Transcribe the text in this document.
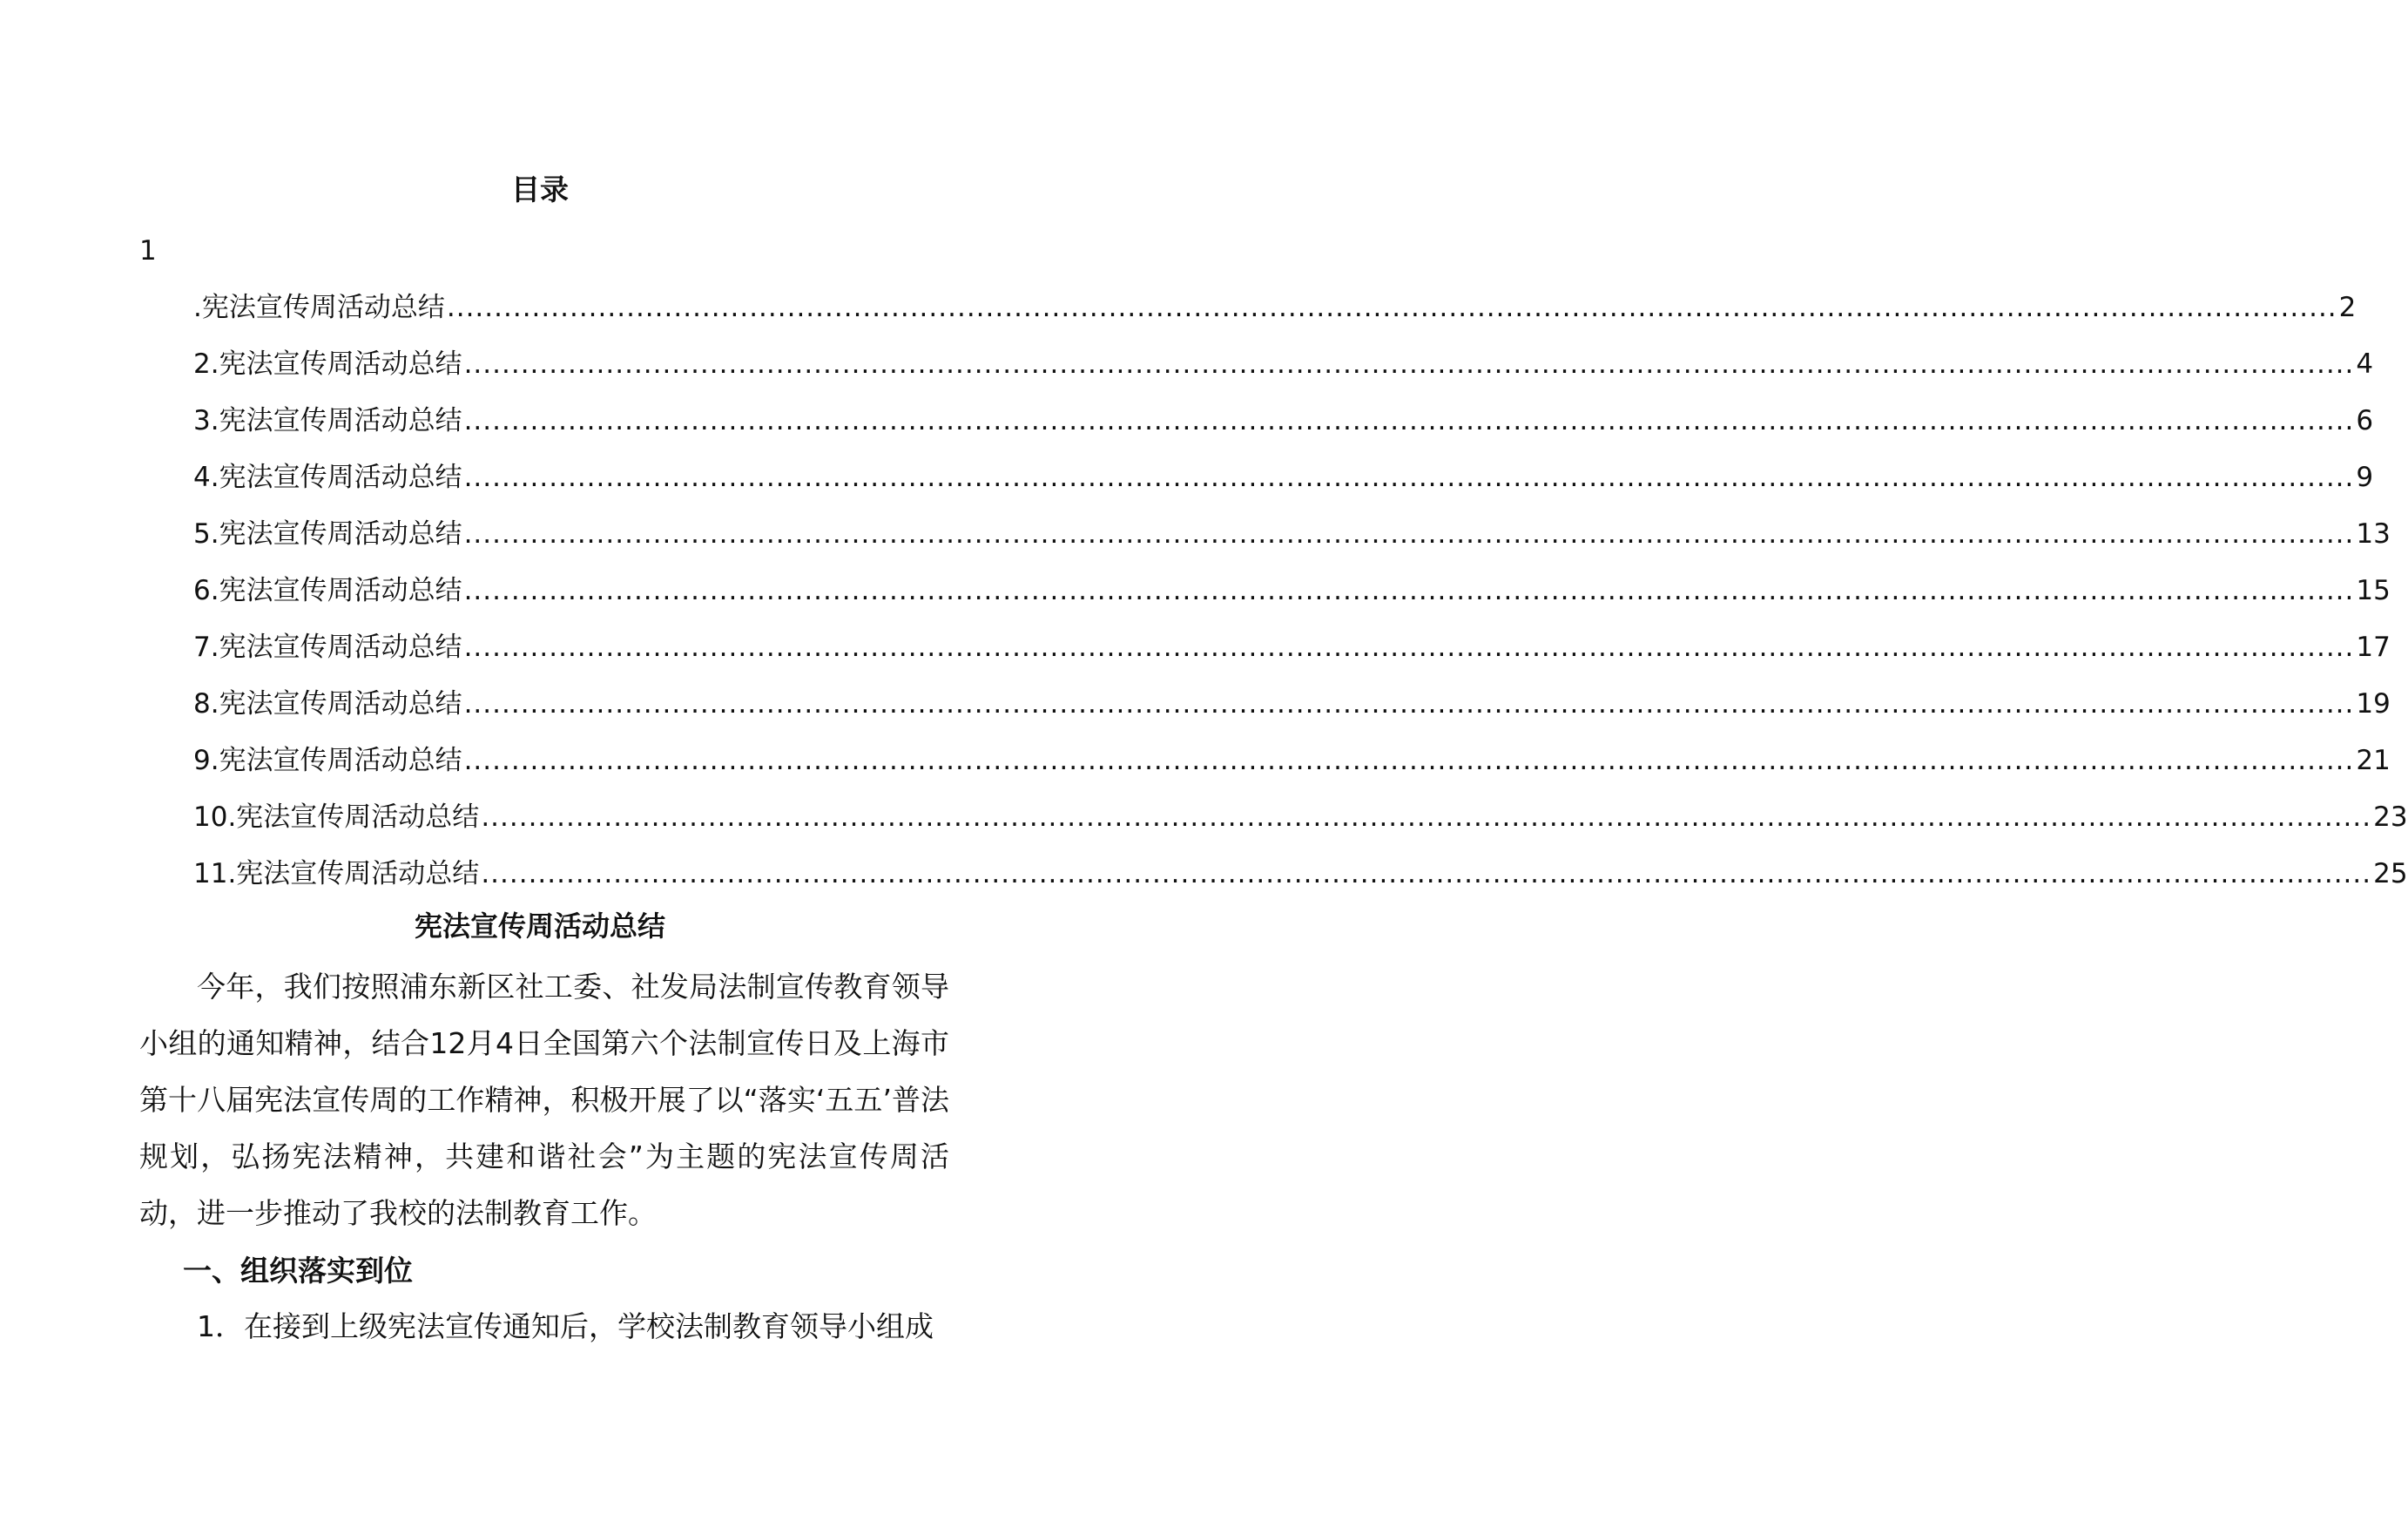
目录
1
.宪法宣传周活动总结 ........................................................................................................................................................................................................ 2
2.宪法宣传周活动总结 ........................................................................................................................................................................................................ 4
3.宪法宣传周活动总结 ........................................................................................................................................................................................................ 6
4.宪法宣传周活动总结 ........................................................................................................................................................................................................ 9
5.宪法宣传周活动总结 ........................................................................................................................................................................................................ 13
6.宪法宣传周活动总结 ........................................................................................................................................................................................................ 15
7.宪法宣传周活动总结 ........................................................................................................................................................................................................ 17
8.宪法宣传周活动总结 ........................................................................................................................................................................................................ 19
9.宪法宣传周活动总结 ........................................................................................................................................................................................................ 21
10.宪法宣传周活动总结 ........................................................................................................................................................................................................ 23
11.宪法宣传周活动总结 ........................................................................................................................................................................................................ 25
宪法宣传周活动总结
今年，我们按照浦东新区社工委、社发局法制宣传教育领导小组的通知精神，结合12月4日全国第六个法制宣传日及上海市第十八届宪法宣传周的工作精神，积极开展了以“落实‘五五’普法规划，弘扬宪法精神，共建和谐社会”为主题的宪法宣传周活动，进一步推动了我校的法制教育工作。
一、组织落实到位
1．在接到上级宪法宣传通知后，学校法制教育领导小组成
